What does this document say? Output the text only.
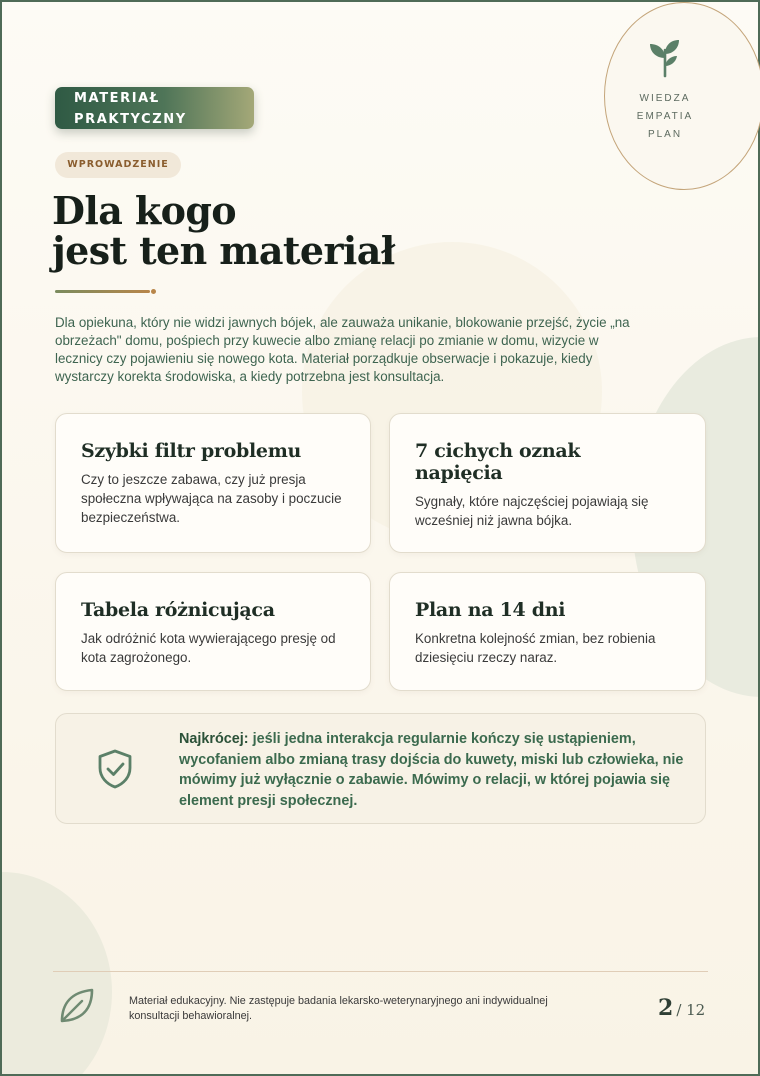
WIEDZA
EMPATIA
PLAN
MATERIAŁ
PRAKTYCZNY
WPROWADZENIE
Dla kogo
jest ten materiał

Dla opiekuna, który nie widzi jawnych bójek, ale zauważa unikanie, blokowanie przejść, życie „na obrzeżach" domu, pośpiech przy kuwecie albo zmianę relacji po zmianie w domu, wizycie w lecznicy czy pojawieniu się nowego kota. Materiał porządkuje obserwacje i pokazuje, kiedy wystarczy korekta środowiska, a kiedy potrzebna jest konsultacja.

Szybki filtr problemu
Czy to jeszcze zabawa, czy już presja społeczna wpływająca na zasoby i poczucie bezpieczeństwa.
7 cichych oznak napięcia
Sygnały, które najczęściej pojawiają się wcześniej niż jawna bójka.
Tabela różnicująca
Jak odróżnić kota wywierającego presję od kota zagrożonego.
Plan na 14 dni
Konkretna kolejność zmian, bez robienia dziesięciu rzeczy naraz.

Najkrócej: jeśli jedna interakcja regularnie kończy się ustąpieniem, wycofaniem albo zmianą trasy dojścia do kuwety, miski lub człowieka, nie mówimy już wyłącznie o zabawie. Mówimy o relacji, w której pojawia się element presji społecznej.

Materiał edukacyjny. Nie zastępuje badania lekarsko-weterynaryjnego ani indywidualnej konsultacji behawioralnej.	2 / 12
